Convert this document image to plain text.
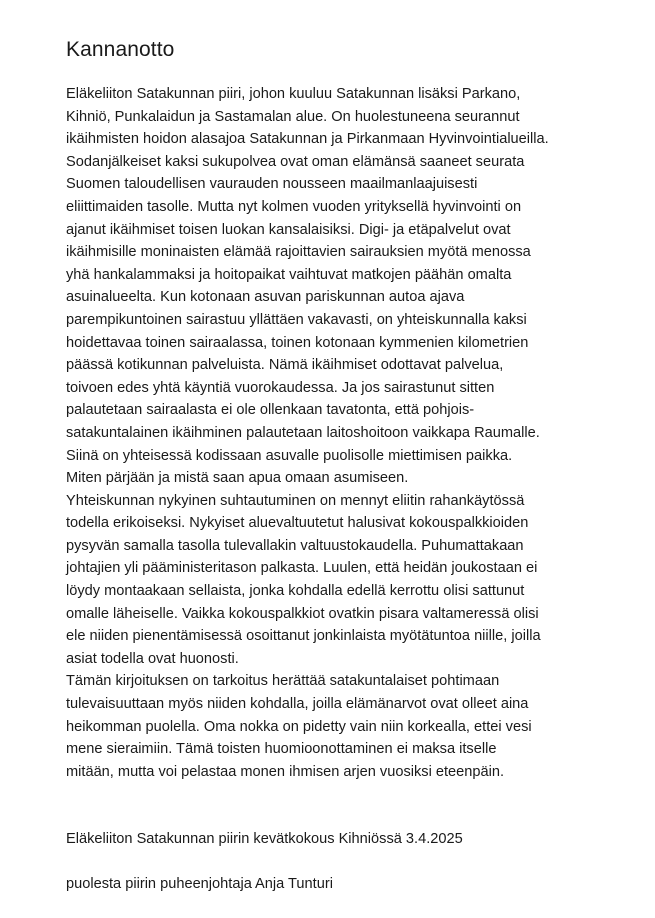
Kannanotto

Eläkeliiton Satakunnan piiri, johon kuuluu Satakunnan lisäksi Parkano,
Kihniö, Punkalaidun ja Sastamalan alue. On huolestuneena seurannut
ikäihmisten hoidon alasajoa Satakunnan ja Pirkanmaan Hyvinvointialueilla.
Sodanjälkeiset kaksi sukupolvea ovat oman elämänsä saaneet seurata
Suomen taloudellisen vaurauden nousseen maailmanlaajuisesti
eliittimaiden tasolle. Mutta nyt kolmen vuoden yrityksellä hyvinvointi on
ajanut ikäihmiset toisen luokan kansalaisiksi. Digi- ja etäpalvelut ovat
ikäihmisille moninaisten elämää rajoittavien sairauksien myötä menossa
yhä hankalammaksi ja hoitopaikat vaihtuvat matkojen päähän omalta
asuinalueelta. Kun kotonaan asuvan pariskunnan autoa ajava
parempikuntoinen sairastuu yllättäen vakavasti, on yhteiskunnalla kaksi
hoidettavaa toinen sairaalassa, toinen kotonaan kymmenien kilometrien
päässä kotikunnan palveluista. Nämä ikäihmiset odottavat palvelua,
toivoen edes yhtä käyntiä vuorokaudessa. Ja jos sairastunut sitten
palautetaan sairaalasta ei ole ollenkaan tavatonta, että pohjois-
satakuntalainen ikäihminen palautetaan laitoshoitoon vaikkapa Raumalle.
Siinä on yhteisessä kodissaan asuvalle puolisolle miettimisen paikka.
Miten pärjään ja mistä saan apua omaan asumiseen.

Yhteiskunnan nykyinen suhtautuminen on mennyt eliitin rahankäytössä
todella erikoiseksi. Nykyiset aluevaltuutetut halusivat kokouspalkkioiden
pysyvän samalla tasolla tulevallakin valtuustokaudella. Puhumattakaan
johtajien yli pääministeritason palkasta. Luulen, että heidän joukostaan ei
löydy montaakaan sellaista, jonka kohdalla edellä kerrottu olisi sattunut
omalle läheiselle. Vaikka kokouspalkkiot ovatkin pisara valtameressä olisi
ele niiden pienentämisessä osoittanut jonkinlaista myötätuntoa niille, joilla
asiat todella ovat huonosti.

Tämän kirjoituksen on tarkoitus herättää satakuntalaiset pohtimaan
tulevaisuuttaan myös niiden kohdalla, joilla elämänarvot ovat olleet aina
heikomman puolella. Oma nokka on pidetty vain niin korkealla, ettei vesi
mene sieraimiin. Tämä toisten huomioonottaminen ei maksa itselle
mitään, mutta voi pelastaa monen ihmisen arjen vuosiksi eteenpäin.

Eläkeliiton Satakunnan piirin kevätkokous Kihniössä 3.4.2025

puolesta piirin puheenjohtaja Anja Tunturi
